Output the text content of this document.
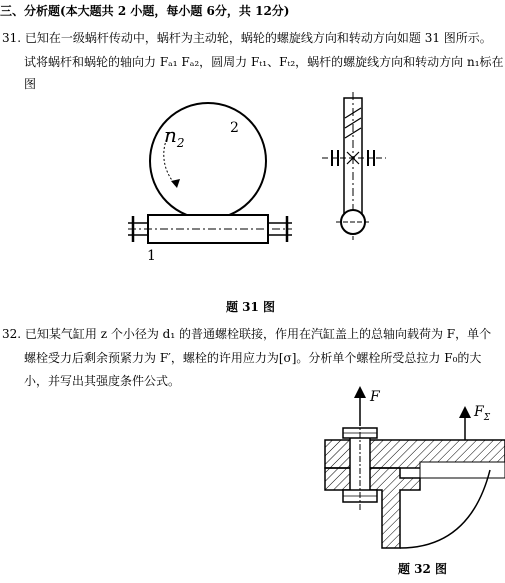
三、分析题(本大题共 2 小题，每小题 6分，共 12分)
31. 已知在一级蜗杆传动中，蜗杆为主动轮，蜗轮的螺旋线方向和转动方向如题 31 图所示。
试将蜗杆和蜗轮的轴向力 Fₐ₁ Fₐ₂，圆周力 Fₜ₁、Fₜ₂，蜗杆的螺旋线方向和转动方向 n₁标在
图
$n_2$
2
1
题 31 图
32. 已知某气缸用 z 个小径为 d₁ 的普通螺栓联接，作用在汽缸盖上的总轴向载荷为 F，单个
螺栓受力后剩余预紧力为 F′，螺栓的许用应力为[σ]。分析单个螺栓所受总拉力 F₀的大
小，并写出其强度条件公式。
F
$F_\Sigma$
题 32 图
